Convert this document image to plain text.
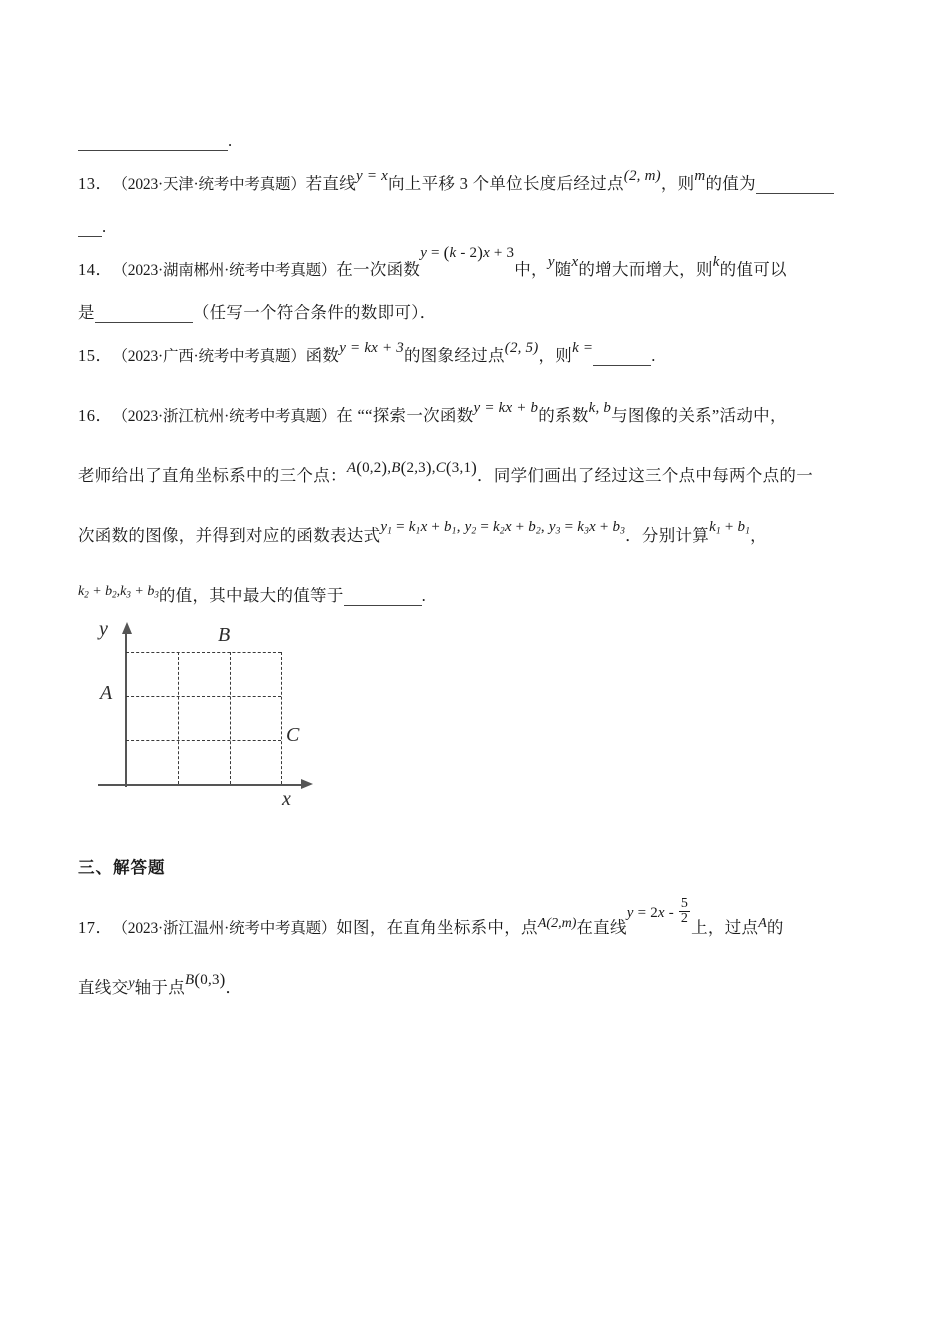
.
13． （2023·天津·统考中考真题） 若直线 y = x 向上平移 3 个单位长度后经过点 (2, m) ，则 m 的值为
.
14． （2023·湖南郴州·统考中考真题） 在一次函数
y = (k - 2)x + 3
中， y 随 x 的增大而增大，则 k 的值可以
是	（任写一个符合条件的数即可）．
15． （2023·广西·统考中考真题） 函数 y = kx + 3 的图象经过点 (2, 5) ，则 k =	.
16． （2023·浙江杭州·统考中考真题） 在 “ “探索一次函数 y = kx + b 的系数 k, b 与图像的关系”活动中，
老师给出了直角坐标系中的三个点： A(0,2),B(2,3),C(3,1) ．同学们画出了经过这三个点中每两个点的一
次函数的图像，并得到对应的函数表达式 $y_1 = k_1x + b_1$, $y_2 = k_2x + b_2$, $y_3 = k_3x + b_3$ ．分别计算 $k_1 + b_1$ ，
$k_2 + b_2,k_3 + b_3$ 的值，其中最大的值等于	.
y
x
A
B
C
三、解答题
17． （2023·浙江温州·统考中考真题） 如图，在直角坐标系中，点 A(2,m) 在直线
$y = 2x - \frac{5}{2}$
上，过点 A 的
直线交 y 轴于点 B(0,3) ．
